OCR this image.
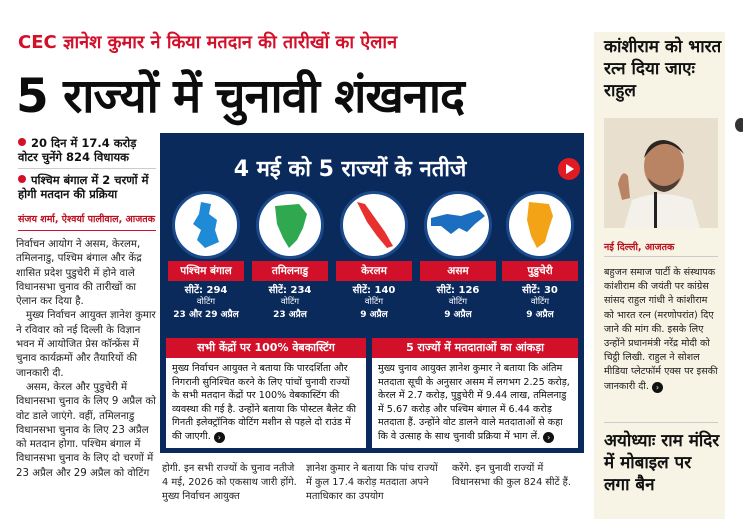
CEC ज्ञानेश कुमार ने किया मतदान की तारीखों का ऐलान
5 राज्यों में चुनावी शंखनाद
20 दिन में 17.4 करोड़ वोटर चुनेंगे 824 विधायक
पश्चिम बंगाल में 2 चरणों में होगी मतदान की प्रक्रिया
संजय शर्मा, ऐश्वर्या पालीवाल, आजतक

निर्वाचन आयोग ने असम, केरलम, तमिलनाडु, पश्चिम बंगाल और केंद्र शासित प्रदेश पुडुचेरी में होने वाले विधानसभा चुनाव की तारीखों का ऐलान कर दिया है.

मुख्य निर्वाचन आयुक्त ज्ञानेश कुमार ने रविवार को नई दिल्ली के विज्ञान भवन में आयोजित प्रेस कॉन्फ्रेंस में चुनाव कार्यक्रमों और तैयारियों की जानकारी दी.

असम, केरल और पुडुचेरी में विधानसभा चुनाव के लिए 9 अप्रैल को वोट डाले जाएंगे. वहीं, तमिलनाडु विधानसभा चुनाव के लिए 23 अप्रैल को मतदान होगा. पश्चिम बंगाल में विधानसभा चुनाव के लिए दो चरणों में 23 अप्रैल और 29 अप्रैल को वोटिंग

4 मई को 5 राज्यों के नतीजे
पश्चिम बंगाल
सीटें: 294
वोटिंग
23 और 29 अप्रैल
तमिलनाडु
सीटें: 234
वोटिंग
23 अप्रैल
केरलम
सीटें: 140
वोटिंग
9 अप्रैल
असम
सीटें: 126
वोटिंग
9 अप्रैल
पुडुचेरी
सीटें: 30
वोटिंग
9 अप्रैल
सभी केंद्रों पर 100% वेबकास्टिंग
मुख्य निर्वाचन आयुक्त ने बताया कि पारदर्शिता और निगरानी सुनिश्चित करने के लिए पांचों चुनावी राज्यों के सभी मतदान केंद्रों पर 100% वेबकास्टिंग की व्यवस्था की गई है. उन्होंने बताया कि पोस्टल बैलेट की गिनती इलेक्ट्रॉनिक वोटिंग मशीन से पहले दो राउंड में की जाएगी. ›
5 राज्यों में मतदाताओं का आंकड़ा
मुख्य चुनाव आयुक्त ज्ञानेश कुमार ने बताया कि अंतिम मतदाता सूची के अनुसार असम में लगभग 2.25 करोड़, केरल में 2.7 करोड़, पुडुचेरी में 9.44 लाख, तमिलनाडु में 5.67 करोड़ और पश्चिम बंगाल में 6.44 करोड़ मतदाता हैं. उन्होंने वोट डालने वाले मतदाताओं से कहा कि वे उत्साह के साथ चुनावी प्रक्रिया में भाग लें. ›
होगी. इन सभी राज्यों के चुनाव नतीजे 4 मई, 2026 को एकसाथ जारी होंगे. मुख्य निर्वाचन आयुक्त
ज्ञानेश कुमार ने बताया कि पांच राज्यों में कुल 17.4 करोड़ मतदाता अपने मताधिकार का उपयोग
करेंगे. इन चुनावी राज्यों में विधानसभा की कुल 824 सीटें हैं.
कांशीराम को भारत रत्न दिया जाएः राहुल
नई दिल्ली, आजतक
बहुजन समाज पार्टी के संस्थापक कांशीराम की जयंती पर कांग्रेस सांसद राहुल गांधी ने कांशीराम को भारत रत्न (मरणोपरांत) दिए जाने की मांग की. इसके लिए उन्होंने प्रधानमंत्री नरेंद्र मोदी को चिट्ठी लिखी. राहुल ने सोशल मीडिया प्लेटफॉर्म एक्स पर इसकी जानकारी दी. ›
अयोध्याः राम मंदिर में मोबाइल पर लगा बैन
